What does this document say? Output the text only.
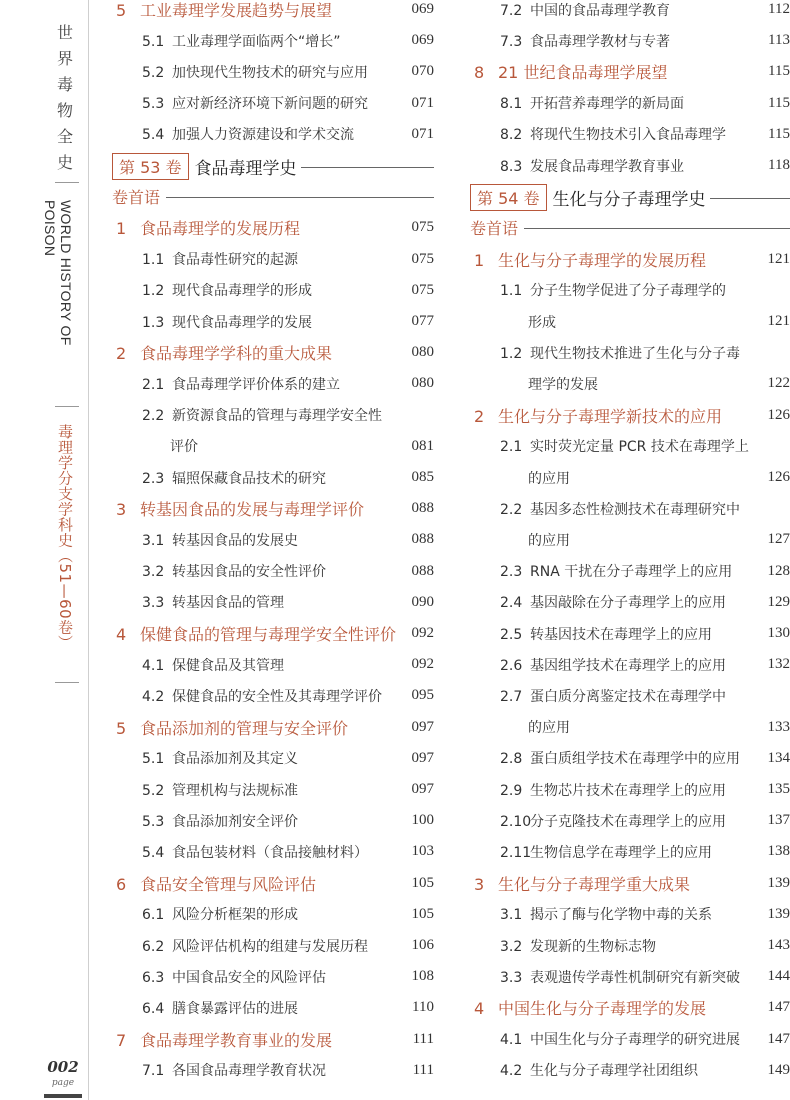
世界毒物全史
WORLD HISTORY OF POISON
毒理学分支学科史（51—60卷）
002
page
5 工业毒理学发展趋势与展望	069
5.1 工业毒理学面临两个“增长”	069
5.2 加快现代生物技术的研究与应用	070
5.3 应对新经济环境下新问题的研究	071
5.4 加强人力资源建设和学术交流	071
第 53 卷 食品毒理学史
卷首语
1 食品毒理学的发展历程	075
1.1 食品毒性研究的起源	075
1.2 现代食品毒理学的形成	075
1.3 现代食品毒理学的发展	077
2 食品毒理学学科的重大成果	080
2.1 食品毒理学评价体系的建立	080
2.2 新资源食品的管理与毒理学安全性
评价	081
2.3 辐照保藏食品技术的研究	085
3 转基因食品的发展与毒理学评价	088
3.1 转基因食品的发展史	088
3.2 转基因食品的安全性评价	088
3.3 转基因食品的管理	090
4 保健食品的管理与毒理学安全性评价	092
4.1 保健食品及其管理	092
4.2 保健食品的安全性及其毒理学评价	095
5 食品添加剂的管理与安全评价	097
5.1 食品添加剂及其定义	097
5.2 管理机构与法规标准	097
5.3 食品添加剂安全评价	100
5.4 食品包装材料（食品接触材料）	103
6 食品安全管理与风险评估	105
6.1 风险分析框架的形成	105
6.2 风险评估机构的组建与发展历程	106
6.3 中国食品安全的风险评估	108
6.4 膳食暴露评估的进展	110
7 食品毒理学教育事业的发展	111
7.1 各国食品毒理学教育状况	111
7.2 中国的食品毒理学教育	112
7.3 食品毒理学教材与专著	113
8 21 世纪食品毒理学展望	115
8.1 开拓营养毒理学的新局面	115
8.2 将现代生物技术引入食品毒理学	115
8.3 发展食品毒理学教育事业	118
第 54 卷 生化与分子毒理学史
卷首语
1 生化与分子毒理学的发展历程	121
1.1 分子生物学促进了分子毒理学的
形成	121
1.2 现代生物技术推进了生化与分子毒
理学的发展	122
2 生化与分子毒理学新技术的应用	126
2.1 实时荧光定量 PCR 技术在毒理学上
的应用	126
2.2 基因多态性检测技术在毒理研究中
的应用	127
2.3 RNA 干扰在分子毒理学上的应用	128
2.4 基因敲除在分子毒理学上的应用	129
2.5 转基因技术在毒理学上的应用	130
2.6 基因组学技术在毒理学上的应用	132
2.7 蛋白质分离鉴定技术在毒理学中
的应用	133
2.8 蛋白质组学技术在毒理学中的应用	134
2.9 生物芯片技术在毒理学上的应用	135
2.10分子克隆技术在毒理学上的应用	137
2.11生物信息学在毒理学上的应用	138
3 生化与分子毒理学重大成果	139
3.1 揭示了酶与化学物中毒的关系	139
3.2 发现新的生物标志物	143
3.3 表观遗传学毒性机制研究有新突破	144
4 中国生化与分子毒理学的发展	147
4.1 中国生化与分子毒理学的研究进展	147
4.2 生化与分子毒理学社团组织	149
